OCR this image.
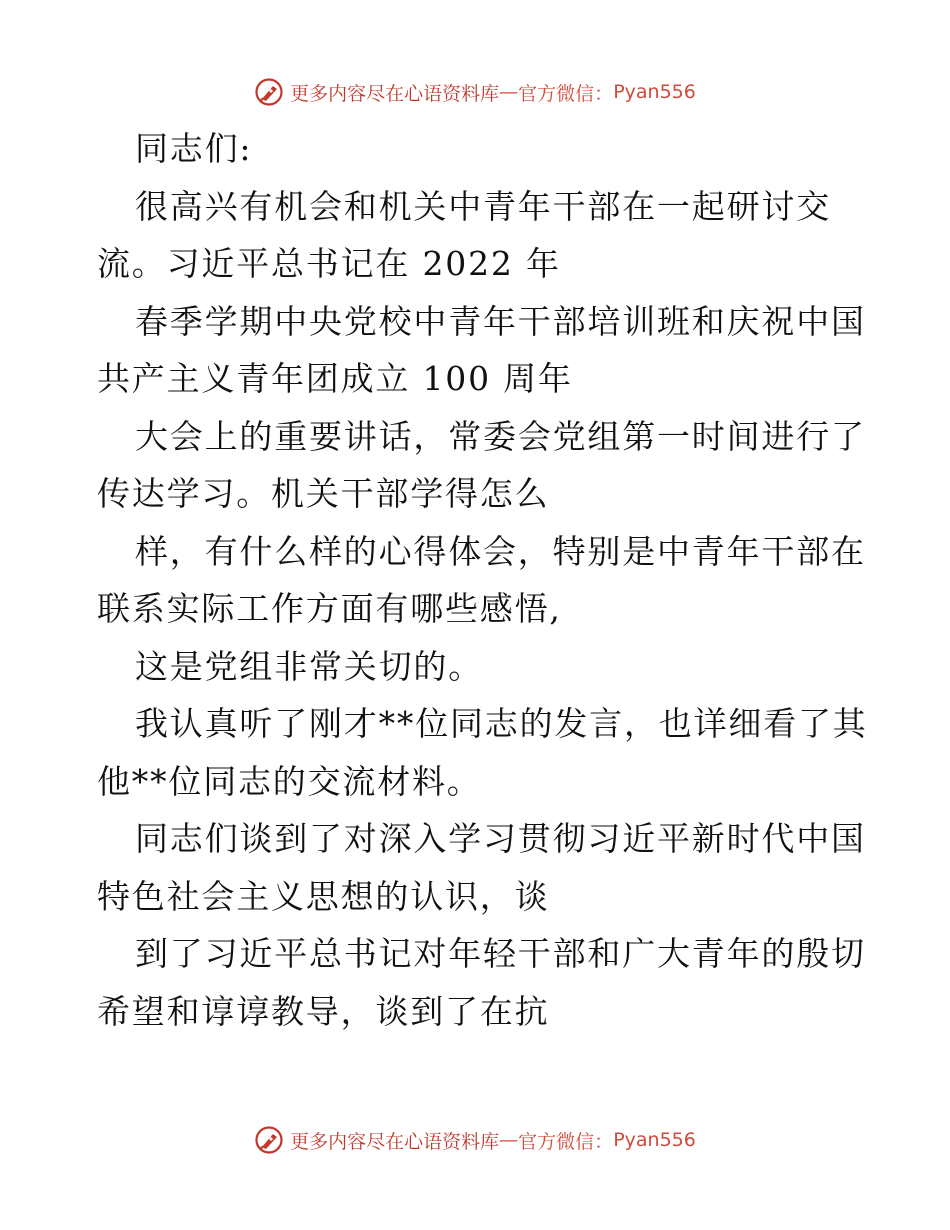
更多内容尽在心语资料库 — 官方微信： Pyan556
同志们:
很高兴有机会和机关中青年干部在一起研讨交
流。习近平总书记在 2022 年
春季学期中央党校中青年干部培训班和庆祝中国
共产主义青年团成立 100 周年
大会上的重要讲话，常委会党组第一时间进行了
传达学习。机关干部学得怎么
样，有什么样的心得体会，特别是中青年干部在
联系实际工作方面有哪些感悟,
这是党组非常关切的。
我认真听了刚才**位同志的发言，也详细看了其
他**位同志的交流材料。
同志们谈到了对深入学习贯彻习近平新时代中国
特色社会主义思想的认识，谈
到了习近平总书记对年轻干部和广大青年的殷切
希望和谆谆教导，谈到了在抗
更多内容尽在心语资料库 — 官方微信： Pyan556
